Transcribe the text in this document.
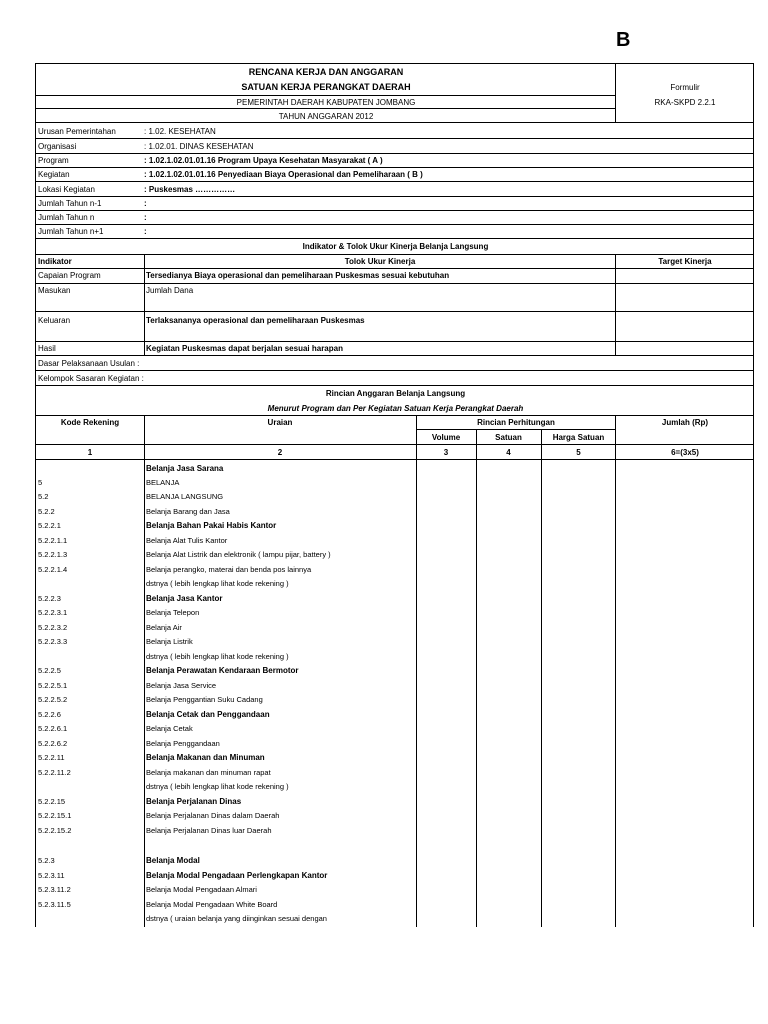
B
RENCANA KERJA DAN ANGGARAN
SATUAN KERJA PERANGKAT DAERAH
PEMERINTAH DAERAH KABUPATEN JOMBANG
TAHUN ANGGARAN 2012
Formulir
RKA-SKPD 2.2.1
Urusan Pemerintahan	: 1.02. KESEHATAN
Organisasi	: 1.02.01. DINAS KESEHATAN
Program	: 1.02.1.02.01.01.16 Program Upaya Kesehatan Masyarakat ( A )
Kegiatan	: 1.02.1.02.01.01.16 Penyediaan Biaya Operasional dan Pemeliharaan ( B )
Lokasi Kegiatan	: Puskesmas ……………
Jumlah Tahun n-1	:
Jumlah Tahun n	:
Jumlah Tahun n+1	:
Indikator & Tolok Ukur Kinerja Belanja Langsung
Indikator	Tolok Ukur Kinerja	Target Kinerja
Capaian Program	Tersedianya Biaya operasional dan pemeliharaan Puskesmas sesuai kebutuhan
Masukan	Jumlah Dana
Keluaran	Terlaksananya operasional dan pemeliharaan Puskesmas
Hasil	Kegiatan Puskesmas dapat berjalan sesuai harapan
Dasar Pelaksanaan Usulan :
Kelompok Sasaran Kegiatan :
Rincian Anggaran Belanja Langsung
Menurut Program dan Per Kegiatan Satuan Kerja Perangkat Daerah
Kode Rekening	Uraian	Rincian Perhitungan	Jumlah (Rp)
Volume	Satuan	Harga Satuan
1	2	3	4	5	6=(3x5)
Belanja Jasa Sarana
5	BELANJA
5.2	BELANJA LANGSUNG
5.2.2	Belanja Barang dan Jasa
5.2.2.1	Belanja Bahan Pakai Habis Kantor
5.2.2.1.1	Belanja Alat Tulis Kantor
5.2.2.1.3	Belanja Alat Listrik dan elektronik ( lampu pijar, battery )
5.2.2.1.4	Belanja perangko, materai dan benda pos lainnya
dstnya ( lebih lengkap lihat kode rekening )
5.2.2.3	Belanja Jasa Kantor
5.2.2.3.1	Belanja Telepon
5.2.2.3.2	Belanja Air
5.2.2.3.3	Belanja Listrik
dstnya ( lebih lengkap lihat kode rekening )
5.2.2.5	Belanja Perawatan Kendaraan Bermotor
5.2.2.5.1	Belanja Jasa Service
5.2.2.5.2	Belanja Penggantian Suku Cadang
5.2.2.6	Belanja Cetak dan Penggandaan
5.2.2.6.1	Belanja Cetak
5.2.2.6.2	Belanja Penggandaan
5.2.2.11	Belanja Makanan dan Minuman
5.2.2.11.2	Belanja makanan dan minuman rapat
dstnya ( lebih lengkap lihat kode rekening )
5.2.2.15	Belanja Perjalanan Dinas
5.2.2.15.1	Belanja Perjalanan Dinas dalam Daerah
5.2.2.15.2	Belanja Perjalanan Dinas luar Daerah
5.2.3	Belanja Modal
5.2.3.11	Belanja Modal Pengadaan Perlengkapan Kantor
5.2.3.11.2	Belanja Modal Pengadaan Almari
5.2.3.11.5	Belanja Modal Pengadaan White Board
dstnya ( uraian belanja yang diinginkan sesuai dengan
